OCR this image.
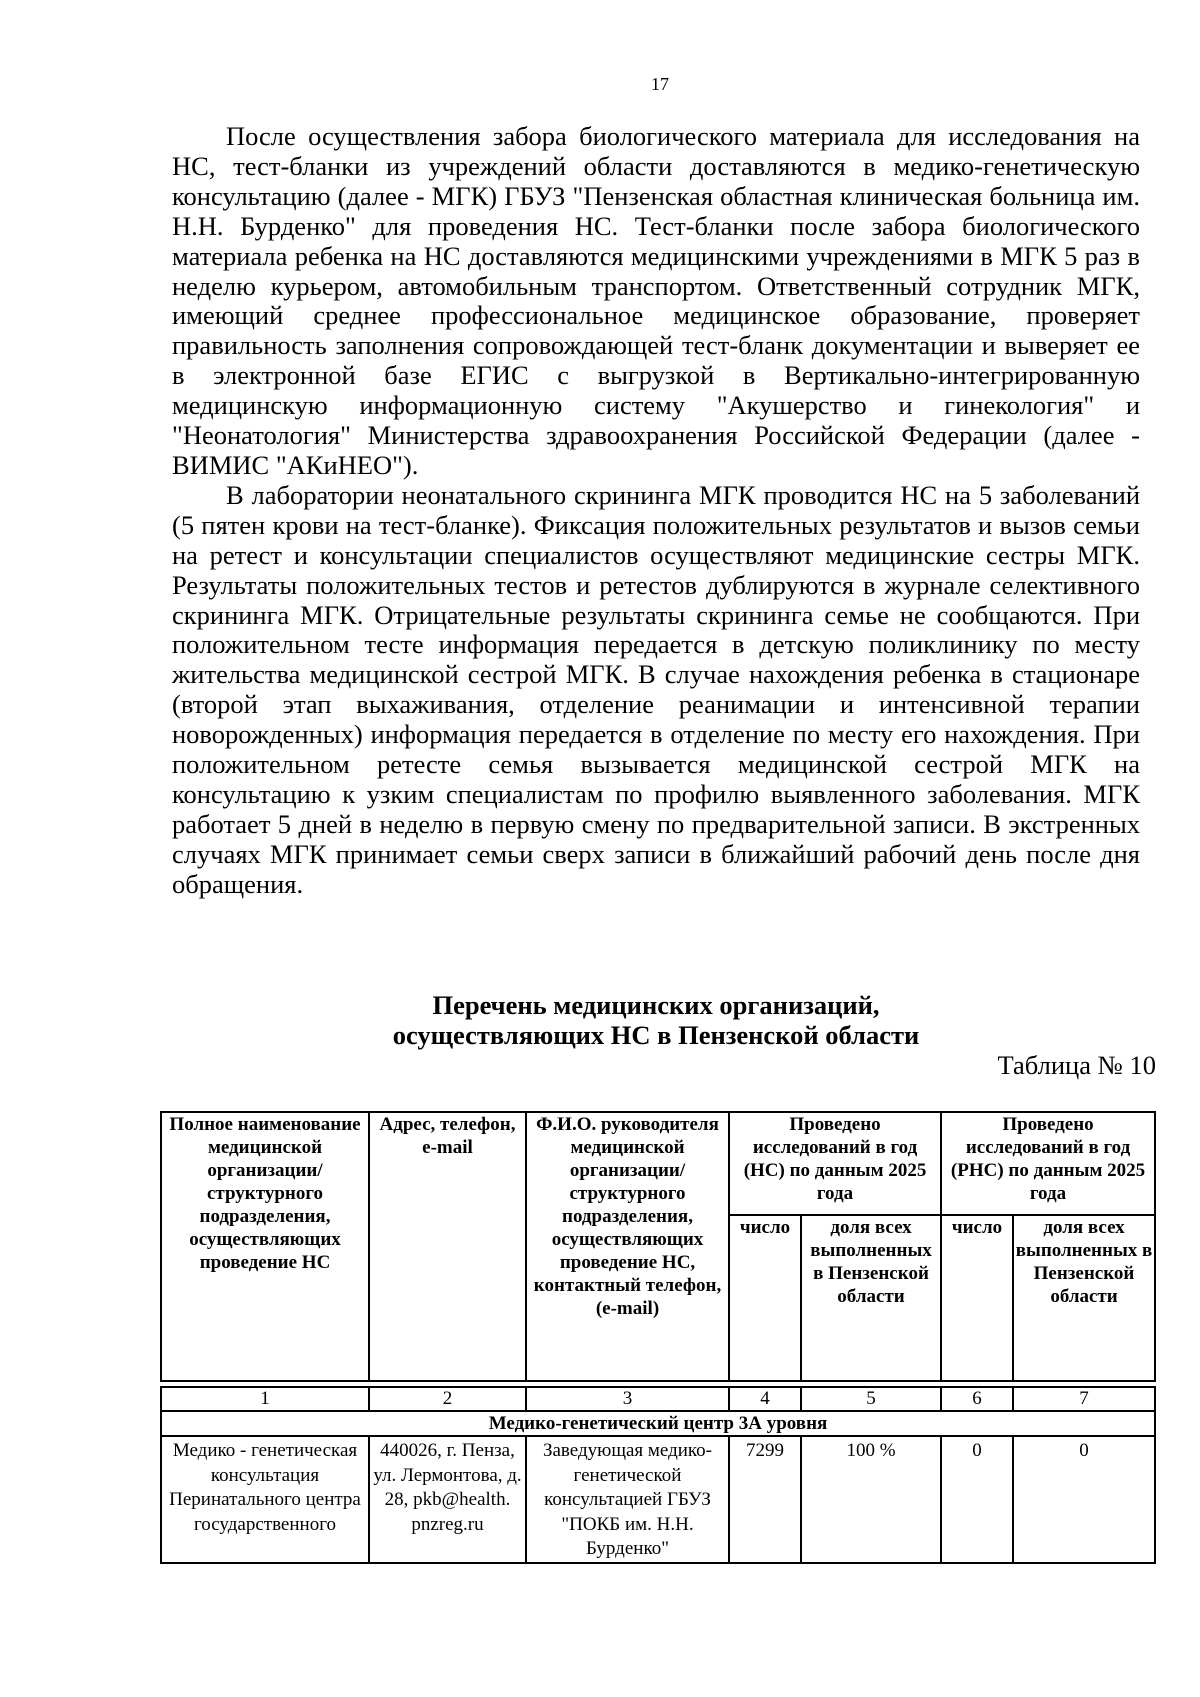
17

После осуществления забора биологического материала для исследования на НС, тест-бланки из учреждений области доставляются в медико-генетическую консультацию (далее - МГК) ГБУЗ "Пензенская областная клиническая больница им. Н.Н. Бурденко" для проведения НС. Тест-бланки после забора биологического материала ребенка на НС доставляются медицинскими учреждениями в МГК 5 раз в неделю курьером, автомобильным транспортом. Ответственный сотрудник МГК, имеющий среднее профессиональное медицинское образование, проверяет правильность заполнения сопровождающей тест-бланк документации и выверяет ее в электронной базе ЕГИС с выгрузкой в Вертикально-интегрированную медицинскую информационную систему "Акушерство и гинекология" и "Неонатология" Министерства здравоохранения Российской Федерации (далее - ВИМИС "АКиНЕО").

В лаборатории неонатального скрининга МГК проводится НС на 5 заболеваний (5 пятен крови на тест-бланке). Фиксация положительных результатов и вызов семьи на ретест и консультации специалистов осуществляют медицинские сестры МГК. Результаты положительных тестов и ретестов дублируются в журнале селективного скрининга МГК. Отрицательные результаты скрининга семье не сообщаются. При положительном тесте информация передается в детскую поликлинику по месту жительства медицинской сестрой МГК. В случае нахождения ребенка в стационаре (второй этап выхаживания, отделение реанимации и интенсивной терапии новорожденных) информация передается в отделение по месту его нахождения. При положительном ретесте семья вызывается медицинской сестрой МГК на консультацию к узким специалистам по профилю выявленного заболевания. МГК работает 5 дней в неделю в первую смену по предварительной записи. В экстренных случаях МГК принимает семьи сверх записи в ближайший рабочий день после дня обращения.

Перечень медицинских организаций,
осуществляющих НС в Пензенской области
Таблица № 10
Полное наименование медицинской организации/ структурного подразделения, осуществляющих проведение НС	Адрес, телефон, e-mail	Ф.И.О. руководителя медицинской организации/ структурного подразделения, осуществляющих проведение НС, контактный телефон, (e-mail)	Проведено исследований в год (НС) по данным 2025 года		Проведено исследований в год (РНС) по данным 2025 года	
			число	доля всех выполненных в Пензенской области	число	доля всех выполненных в Пензенской области

1	2	3	4	5	6	7
Медико-генетический центр 3А уровня						
Медико - генетическая консультация Перинатального центра государственного	440026, г. Пенза, ул. Лермонтова, д. 28, pkb@health. pnzreg.ru	Заведующая медико- генетической консультацией ГБУЗ "ПОКБ им. Н.Н. Бурденко"	7299	100 %	0	0
